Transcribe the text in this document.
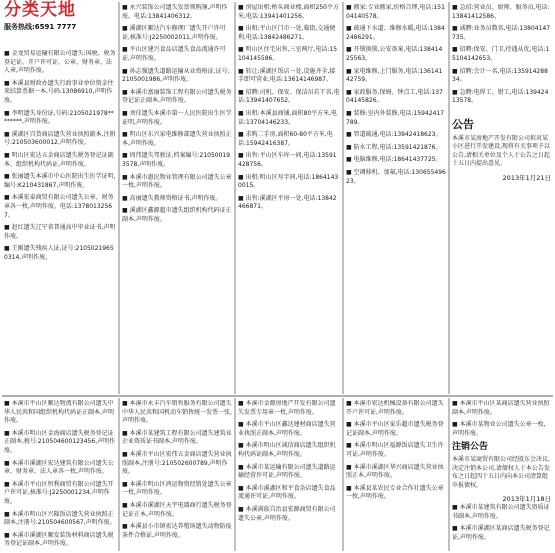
分类天地
服务热线:6591 7777

■ 金龙贸易运输有限公司遗失:国税、税务登记证、开户许可证、公章、财务章、法人章,声明作废。

■ 本溪县财政办遗失行政事业单位资金往来结算票据一本,号码:13086910,声明作废。

■ 李明遗失身份证,号码:2105021978********,声明作废。

■ 溪湖区百货商店遗失营业执照副本,注册号:210503600012,声明作废。

■ 明山区宏达五金商店遗失税务登记证副本、组织机构代码证,声明作废。

■ 张丽遗失本溪市中心医院出生医学证明,编号:K210431867,声明作废。

■ 本溪宏泰商贸有限公司遗失公章、财务章各一枚,声明作废。电话:13780132567。

■ 赵红遗失辽宁省普通高中毕业证书,声明作废。

■ 王刚遗失残疾人证,证号:21050219650314,声明作废。

■ 永兴装饰公司遗失发票领购簿,声明作废。电话:13841406312。

■ 溪湖区顺达汽车修理厂遗失开户许可证,核准号:J2250002011,声明作废。

■ 平山区建兴食品店遗失食品流通许可证,声明作废。

■ 孙志强遗失道路运输从业资格证,证号:2105001986,声明作废。

■ 本溪市富丽装饰工程有限公司遗失税务登记证正副本,声明作废。

■ 刘佳遗失本溪市第一人民医院出生医学证明,声明作废。

■ 明山区东兴家电维修部遗失营业执照正本,声明作废。

■ 周伟遗失驾驶证,档案编号:210500193578,声明作废。

■ 本溪市惠民物业管理有限公司遗失公章一枚,声明作废。

■ 高丽遗失教师资格证书,声明作废。

■ 溪湖区鑫源超市遗失组织机构代码证正副本,声明作废。

■ 房屋出租:桥头商业楼,面积250平方米,电话:13941401256。

■ 出租:平山区门市一处,临街,交通便利,电话:13842486271。

■ 明山区住宅出售,三室两厅,电话:15104145586。

■ 转让:溪湖区饭店一处,设施齐全,接手即可营业,电话:13614146987。

■ 招聘:司机、保安、保洁员若干名,电话:13941407652。

■ 出租:本溪县商铺,面积80平方米,电话:13704146233。

■ 求购二手房,面积60-80平方米,电话:15942416387。

■ 出售:平山区车库一间,电话:13591428756。

■ 出租:明山区写字间,电话:18641430015。

■ 出售:溪湖区平房一处,电话:13842466871。

■ 搬家:专业搬家,价格合理,电话:15104140578。

■ 疏通下水道、维修水暖,电话:13842486291。

■ 开锁换锁,公安备案,电话:13841425563。

■ 家电维修,上门服务,电话:13614142759。

■ 家政服务,保姆、钟点工,电话:13704145826。

■ 装修:室内外装修,电话:15942417789。

■ 管道疏通,电话:13942418623。

■ 防水工程,电话:13591421876。

■ 电脑维修,电话:18641437725。

■ 空调移机、加氟,电话:13065549623。

■ 急招:营业员、厨师、服务员,电话:13841412586。

■ 诚聘:业务员数名,电话:13804147735。

■ 招聘:保安、门卫,待遇从优,电话:15104142653。

■ 招聘:会计一名,电话:13591428834。

■ 急聘:电焊工、钳工,电话:13942413578。

公告
本溪市某房地产开发有限公司拟对某小区进行开发建设,现将有关事项予以公告,请相关单位及个人于公告之日起十五日内提出意见。
2013年1月21日

■ 本溪市平山区顺达物流有限公司遗失中华人民共和国组织机构代码证正副本,声明作废。

■ 本溪市明山区金海商店遗失税务登记证正副本,税号:210504600123456,声明作废。

■ 本溪市溪湖区宏达建筑有限公司遗失公章、财务章、法人章各一枚,声明作废。

■ 本溪市平山区恒利商贸有限公司遗失开户许可证,核准号:J2250001234,声明作废。

■ 本溪市明山区兴隆饭店遗失营业执照正副本,注册号:210504600567,声明作废。

■ 本溪市溪湖区顺发装饰材料商店遗失税务登记证副本,声明作废。

■ 本溪市永丰汽车销售服务有限公司遗失中华人民共和国机动车销售统一发票一张,声明作废。

■ 本溪市某建筑工程有限公司遗失建筑业企业资质证书副本,声明作废。

■ 本溪市平山区宏伟五金商店遗失营业执照副本,注册号:210502600789,声明作废。

■ 本溪市明山区鸿运物资经销处遗失公章一枚,声明作废。

■ 本溪市溪湖区天宇电器商行遗失税务登记证正本,声明作废。

■ 本溪县小市镇宏达养殖场遗失动物防疫条件合格证,声明作废。

■ 本溪市金源房地产开发有限公司遗失发票专用章一枚,声明作废。

■ 本溪市平山区鑫达建材商店遗失营业执照正副本,声明作废。

■ 本溪市明山区诚信商店遗失组织机构代码证副本,声明作废。

■ 本溪市某运输有限公司遗失道路运输经营许可证,声明作废。

■ 本溪市溪湖区和平食杂店遗失食品流通许可证,声明作废。

■ 本溪满族自治县宏源商贸有限公司遗失公章,声明作废。

■ 本溪市宏达机械设备有限公司遗失开户许可证,声明作废。

■ 本溪市平山区家乐超市遗失税务登记证副本,声明作废。

■ 本溪市明山区福源饭店遗失卫生许可证,声明作废。

■ 本溪市溪湖区华兴商店遗失营业执照正本,声明作废。

■ 本溪县某农民专业合作社遗失公章一枚,声明作废。

■ 本溪市平山区某商店遗失营业执照副本,声明作废。

■ 本溪市某物业公司遗失公章一枚,声明作废。

注销公告
本溪市某商贸有限公司经股东会决议,决定注销本公司,请债权人于本公告发布之日起四十五日内向本公司清算组申报债权。
2013年1月18日

■ 本溪市某建筑有限公司遗失资质证书副本,声明作废。

■ 本溪市溪湖区某商店遗失税务登记证,声明作废。
